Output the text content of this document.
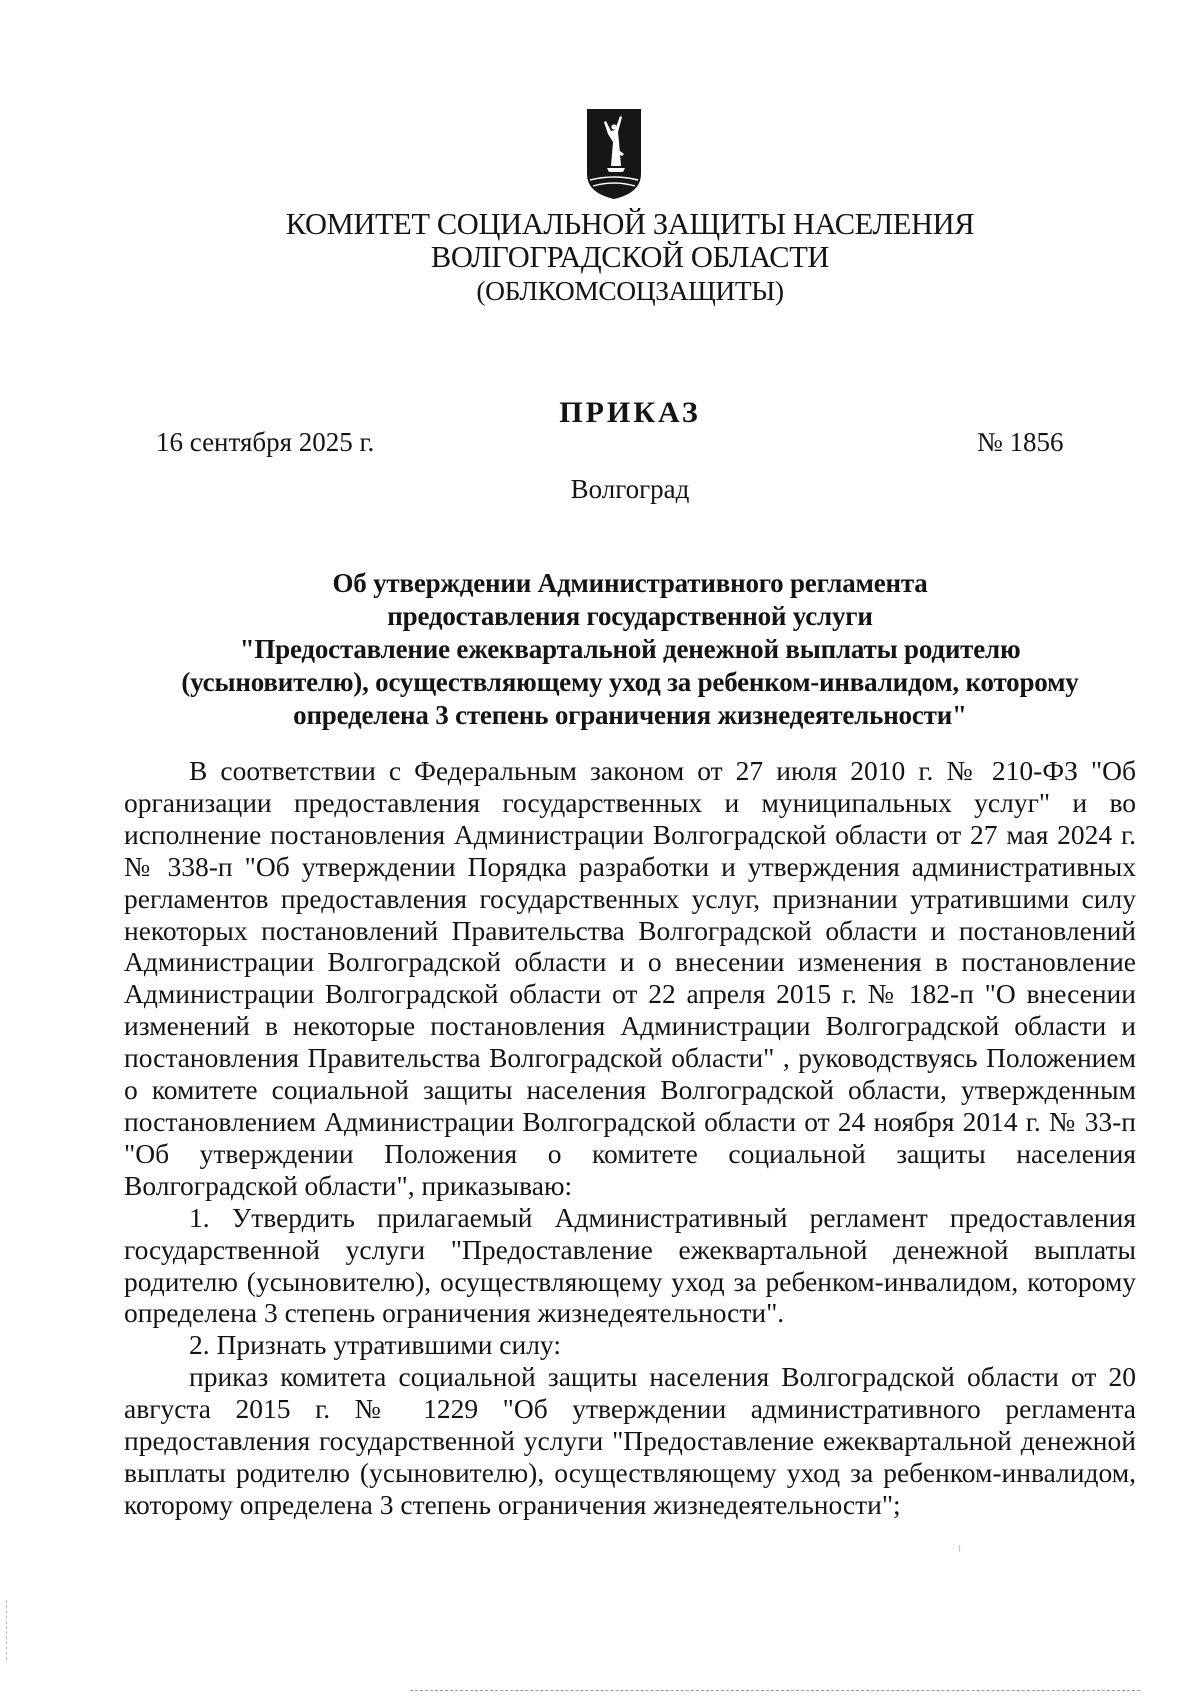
КОМИТЕТ СОЦИАЛЬНОЙ ЗАЩИТЫ НАСЕЛЕНИЯ
ВОЛГОГРАДСКОЙ ОБЛАСТИ
(ОБЛКОМСОЦЗАЩИТЫ)
ПРИКАЗ
16 сентября 2025 г.	№ 1856
Волгоград
Об утверждении Административного регламента
предоставления государственной услуги
"Предоставление ежеквартальной денежной выплаты родителю
(усыновителю), осуществляющему уход за ребенком-инвалидом, которому
определена 3 степень ограничения жизнедеятельности"

В соответствии с Федеральным законом от 27 июля 2010 г. № 210-ФЗ "Об организации предоставления государственных и муниципальных услуг" и во исполнение постановления Администрации Волгоградской области от 27 мая 2024 г. № 338-п "Об утверждении Порядка разработки и утверждения административных регламентов предоставления государственных услуг, признании утратившими силу некоторых постановлений Правительства Волгоградской области и постановлений Администрации Волгоградской области и о внесении изменения в постановление Администрации Волгоградской области от 22 апреля 2015 г. № 182-п "О внесении изменений в некоторые постановления Администрации Волгоградской области и постановления Правительства Волгоградской области" , руководствуясь Положением о комитете социальной защиты населения Волгоградской области, утвержденным постановлением Администрации Волгоградской области от 24 ноября 2014 г. № 33-п "Об утверждении Положения о комитете социальной защиты населения Волгоградской области", приказываю:

1. Утвердить прилагаемый Административный регламент предоставления государственной услуги "Предоставление ежеквартальной денежной выплаты родителю (усыновителю), осуществляющему уход за ребенком-инвалидом, которому определена 3 степень ограничения жизнедеятельности".

2. Признать утратившими силу:

приказ комитета социальной защиты населения Волгоградской области от 20 августа 2015 г. № 1229 "Об утверждении административного регламента предоставления государственной услуги "Предоставление ежеквартальной денежной выплаты родителю (усыновителю), осуществляющему уход за ребенком-инвалидом, которому определена 3 степень ограничения жизнедеятельности";

⁝
